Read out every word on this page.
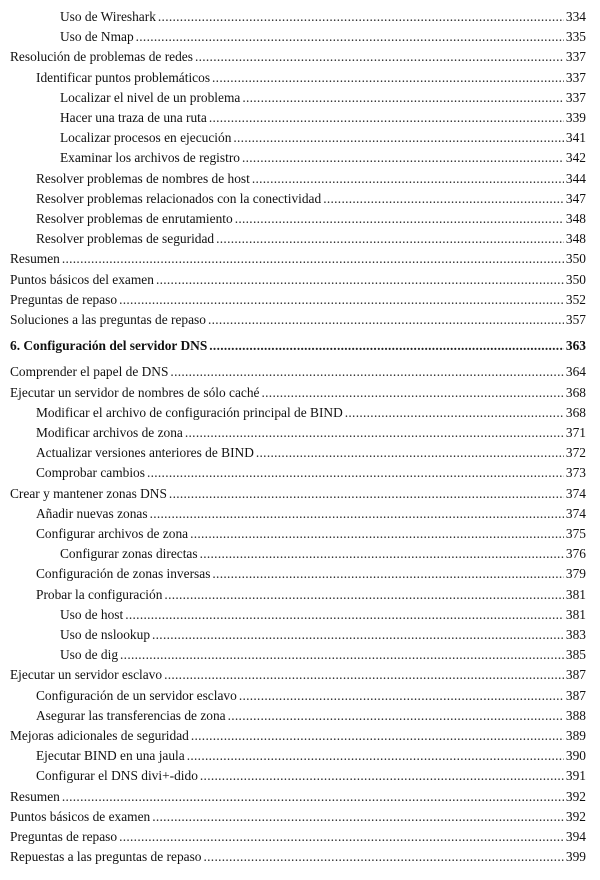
Uso de Wireshark .....	334
Uso de Nmap .....	335
Resolución de problemas de redes .....	337
Identificar puntos problemáticos .....	337
Localizar el nivel de un problema .....	337
Hacer una traza de una ruta .....	339
Localizar procesos en ejecución .....	341
Examinar los archivos de registro .....	342
Resolver problemas de nombres de host .....	344
Resolver problemas relacionados con la conectividad .....	347
Resolver problemas de enrutamiento .....	348
Resolver problemas de seguridad .....	348
Resumen .....	350
Puntos básicos del examen .....	350
Preguntas de repaso .....	352
Soluciones a las preguntas de repaso .....	357
6. Configuración del servidor DNS .....	363
Comprender el papel de DNS .....	364
Ejecutar un servidor de nombres de sólo caché .....	368
Modificar el archivo de configuración principal de BIND .....	368
Modificar archivos de zona .....	371
Actualizar versiones anteriores de BIND .....	372
Comprobar cambios .....	373
Crear y mantener zonas DNS .....	374
Añadir nuevas zonas .....	374
Configurar archivos de zona .....	375
Configurar zonas directas .....	376
Configuración de zonas inversas .....	379
Probar la configuración .....	381
Uso de host .....	381
Uso de nslookup .....	383
Uso de dig .....	385
Ejecutar un servidor esclavo .....	387
Configuración de un servidor esclavo .....	387
Asegurar las transferencias de zona .....	388
Mejoras adicionales de seguridad .....	389
Ejecutar BIND en una jaula .....	390
Configurar el DNS divi+-dido .....	391
Resumen .....	392
Puntos básicos de examen .....	392
Preguntas de repaso .....	394
Repuestas a las preguntas de repaso .....	399
